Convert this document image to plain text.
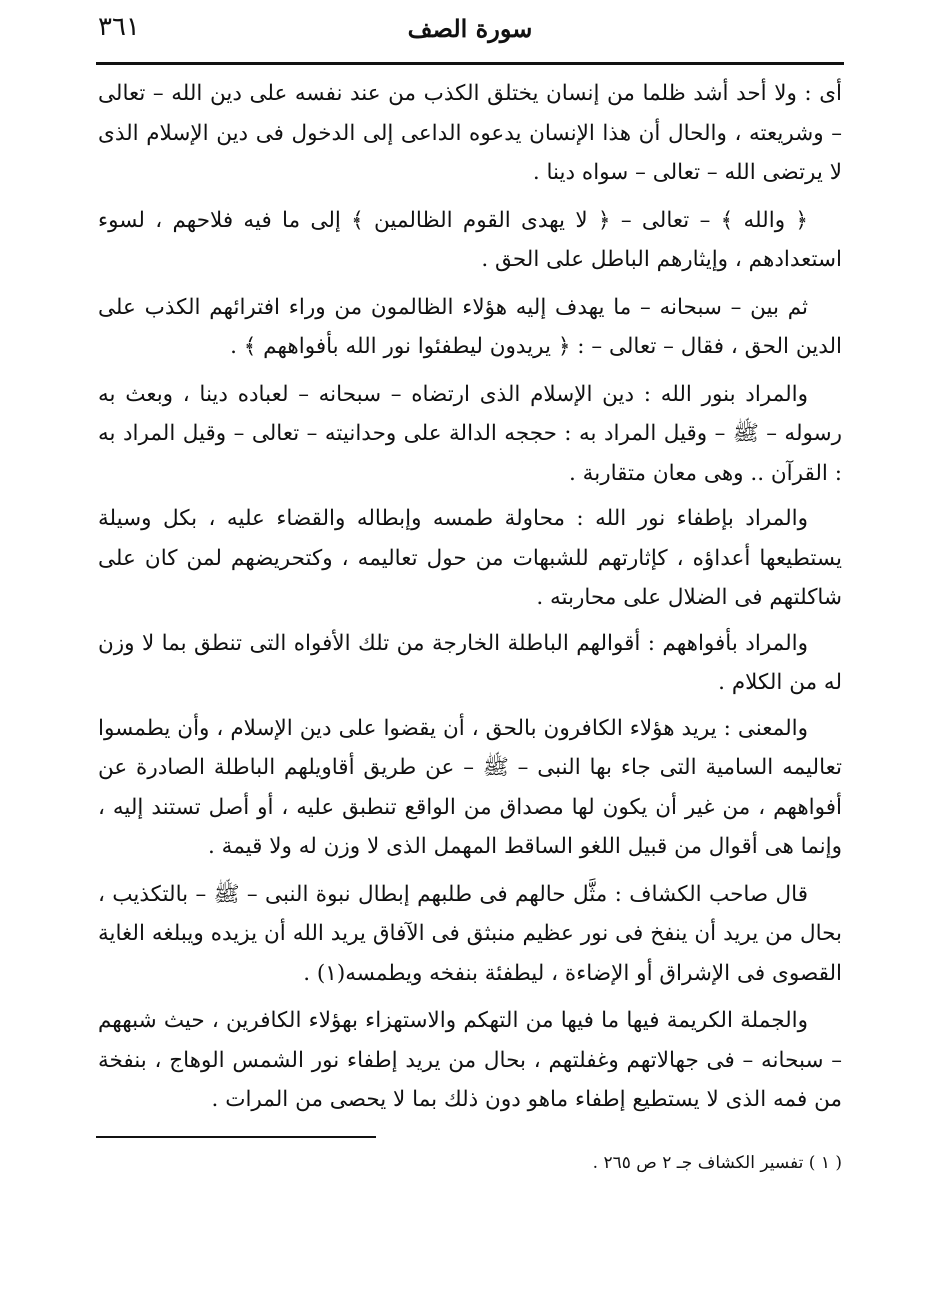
٣٦١	سورة الصف

أى : ولا أحد أشد ظلما من إنسان يختلق الكذب من عند نفسه على دين الله – تعالى – وشريعته ، والحال أن هذا الإنسان يدعوه الداعى إلى الدخول فى دين الإسلام الذى لا يرتضى الله – تعالى – سواه دينا .

﴿ والله ﴾ – تعالى – ﴿ لا يهدى القوم الظالمين ﴾ إلى ما فيه فلاحهم ، لسوء استعدادهم ، وإيثارهم الباطل على الحق .

ثم بين – سبحانه – ما يهدف إليه هؤلاء الظالمون من وراء افترائهم الكذب على الدين الحق ، فقال – تعالى – : ﴿ يريدون ليطفئوا نور الله بأفواههم ﴾ .

والمراد بنور الله : دين الإسلام الذى ارتضاه – سبحانه – لعباده دينا ، وبعث به رسوله – ﷺ – وقيل المراد به : حججه الدالة على وحدانيته – تعالى – وقيل المراد به : القرآن .. وهى معان متقاربة .

والمراد بإطفاء نور الله : محاولة طمسه وإبطاله والقضاء عليه ، بكل وسيلة يستطيعها أعداؤه ، كإثارتهم للشبهات من حول تعاليمه ، وكتحريضهم لمن كان على شاكلتهم فى الضلال على محاربته .

والمراد بأفواههم : أقوالهم الباطلة الخارجة من تلك الأفواه التى تنطق بما لا وزن له من الكلام .

والمعنى : يريد هؤلاء الكافرون بالحق ، أن يقضوا على دين الإسلام ، وأن يطمسوا تعاليمه السامية التى جاء بها النبى – ﷺ – عن طريق أقاويلهم الباطلة الصادرة عن أفواههم ، من غير أن يكون لها مصداق من الواقع تنطبق عليه ، أو أصل تستند إليه ، وإنما هى أقوال من قبيل اللغو الساقط المهمل الذى لا وزن له ولا قيمة .

قال صاحب الكشاف : مثَّل حالهم فى طلبهم إبطال نبوة النبى – ﷺ – بالتكذيب ، بحال من يريد أن ينفخ فى نور عظيم منبثق فى الآفاق يريد الله أن يزيده ويبلغه الغاية القصوى فى الإشراق أو الإضاءة ، ليطفئة بنفخه ويطمسه(١) .

والجملة الكريمة فيها ما فيها من التهكم والاستهزاء بهؤلاء الكافرين ، حيث شبههم – سبحانه – فى جهالاتهم وغفلتهم ، بحال من يريد إطفاء نور الشمس الوهاج ، بنفخة من فمه الذى لا يستطيع إطفاء ماهو دون ذلك بما لا يحصى من المرات .

( ١ ) تفسير الكشاف جـ ٢ ص ٢٦٥ .
